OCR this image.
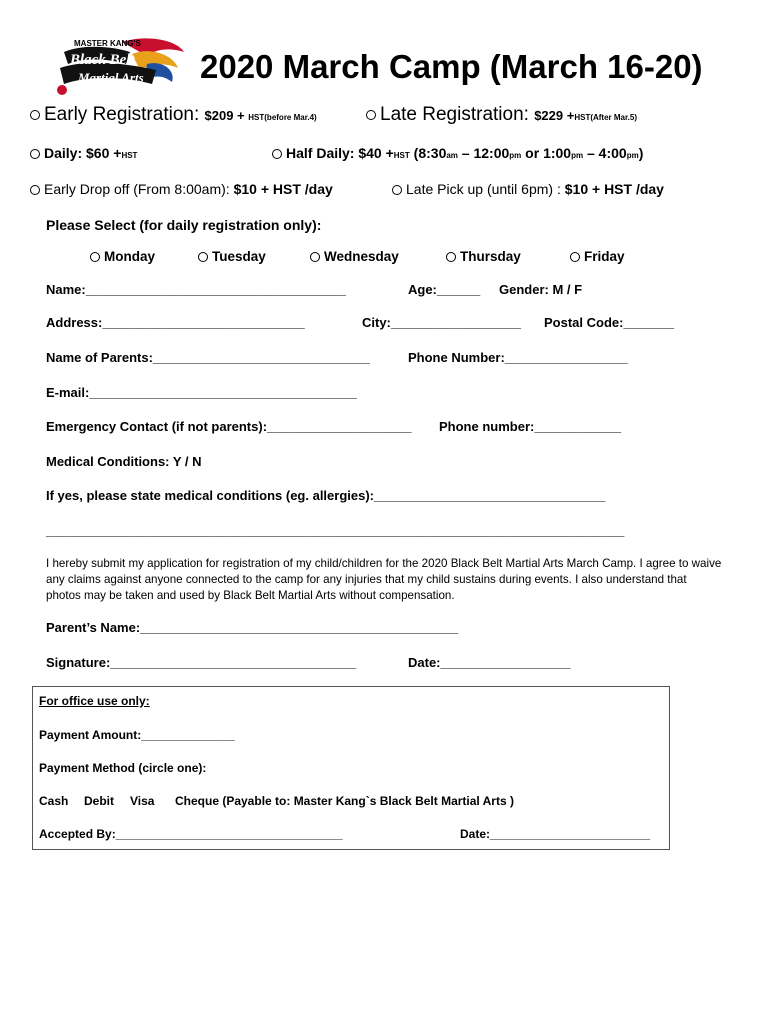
MASTER KANG'S
Black Belt
Martial Arts 2020 March Camp (March 16-20)
Early Registration: $209 + HST(before Mar.4)	Late Registration: $229 +HST(After Mar.5)
Daily: $60 +HST	Half Daily: $40 +HST (8:30am – 12:00pm or 1:00pm – 4:00pm)
Early Drop off (From 8:00am): $10 + HST /day	Late Pick up (until 6pm) : $10 + HST /day
Please Select (for daily registration only):
Monday	Tuesday	Wednesday	Thursday	Friday
Name:____________________________________	Age:______ Gender: M / F
Address:____________________________	City:__________________ Postal Code:_______
Name of Parents:______________________________	Phone Number:_________________
E-mail:_____________________________________
Emergency Contact (if not parents):____________________ Phone number:____________
Medical Conditions: Y / N
If yes, please state medical conditions (eg. allergies):________________________________
________________________________________________________________________________
I hereby submit my application for registration of my child/children for the 2020 Black Belt Martial Arts March Camp. I agree to waive any claims against anyone connected to the camp for any injuries that my child sustains during events. I also understand that photos may be taken and used by Black Belt Martial Arts without compensation.
Parent’s Name:____________________________________________
Signature:__________________________________	Date:__________________
For office use only:
Payment Amount:______________
Payment Method (circle one):
Cash Debit Visa Cheque (Payable to: Master Kang`s Black Belt Martial Arts )
Accepted By:__________________________________	Date:________________________
